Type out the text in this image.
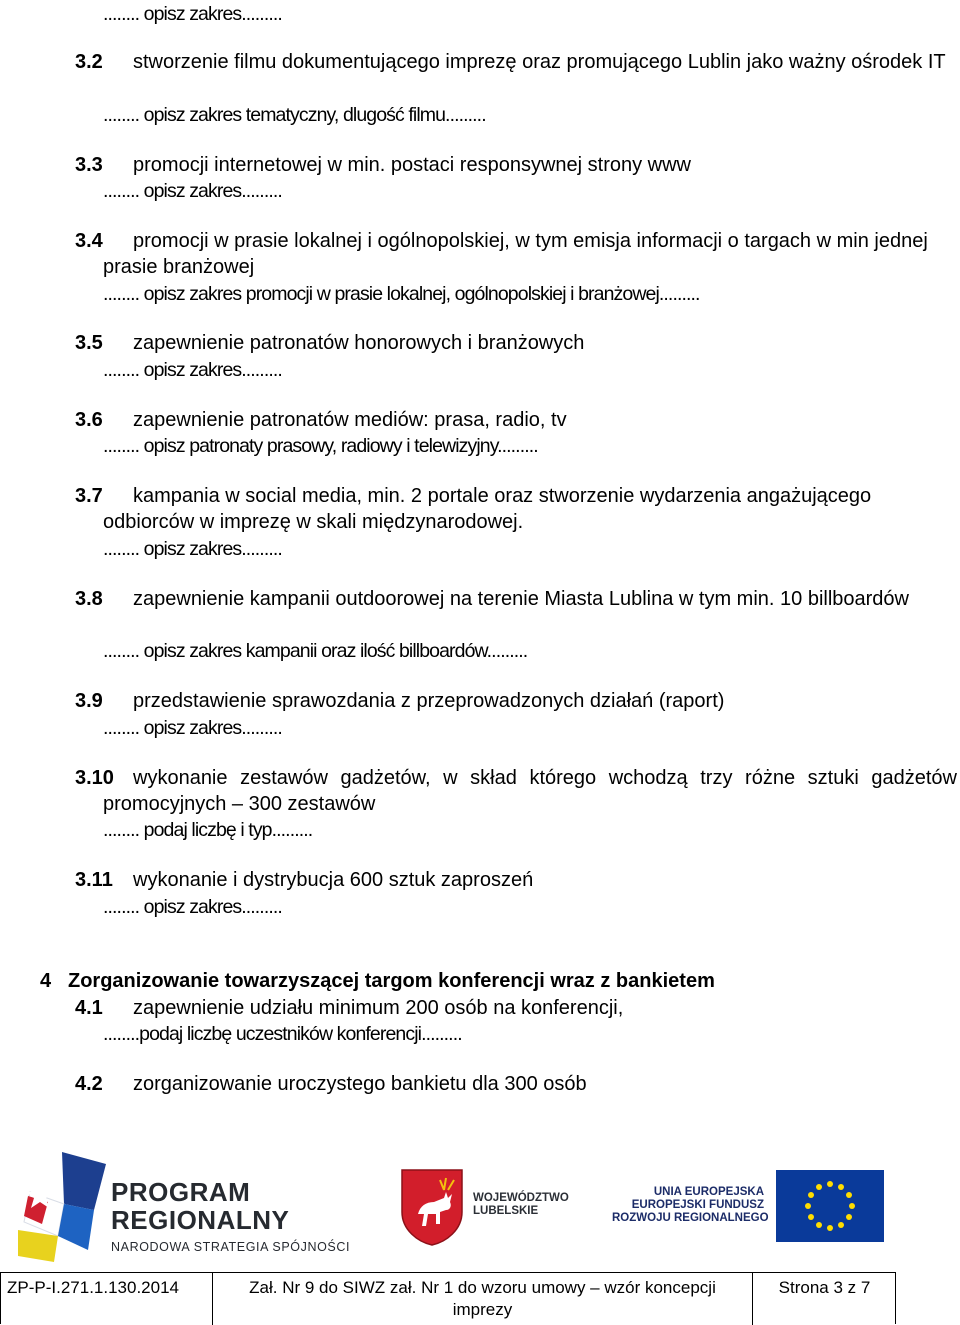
........ opisz zakres.........
3.2	stworzenie filmu dokumentującego imprezę oraz promującego Lublin jako ważny ośrodek IT
........ opisz zakres tematyczny, dlugość filmu.........
3.3	promocji internetowej w min. postaci responsywnej strony www
........ opisz zakres.........
3.4	promocji w prasie lokalnej i ogólnopolskiej, w tym emisja informacji o targach w min jednej prasie branżowej
........ opisz zakres promocji w prasie lokalnej, ogólnopolskiej i branżowej.........
3.5	zapewnienie patronatów honorowych i branżowych
........ opisz zakres.........
3.6	zapewnienie patronatów mediów: prasa, radio, tv
........ opisz patronaty prasowy, radiowy i telewizyjny.........
3.7	kampania w social media, min. 2 portale oraz stworzenie wydarzenia angażującego odbiorców w imprezę w skali międzynarodowej.
........ opisz zakres.........
3.8	zapewnienie kampanii outdoorowej na terenie Miasta Lublina w tym min. 10 billboardów
........ opisz zakres kampanii oraz ilość billboardów.........
3.9	przedstawienie sprawozdania z przeprowadzonych działań (raport)
........ opisz zakres.........
3.10 wykonanie zestawów gadżetów, w skład którego wchodzą trzy różne sztuki gadżetów promocyjnych – 300 zestawów
........ podaj liczbę i typ.........
3.11	wykonanie i dystrybucja 600 sztuk zaproszeń
........ opisz zakres.........
4 Zorganizowanie towarzyszącej targom konferencji wraz z bankietem
4.1	zapewnienie udziału minimum 200 osób na konferencji,
........podaj liczbę uczestników konferencji.........
4.2	zorganizowanie uroczystego bankietu dla 300 osób
PROGRAM
REGIONALNY
NARODOWA STRATEGIA SPÓJNOŚCI
WOJEWÓDZTWO
LUBELSKIE
UNIA EUROPEJSKA
EUROPEJSKI FUNDUSZ
ROZWOJU REGIONALNEGO
ZP-P-I.271.1.130.2014	Zał. Nr 9 do SIWZ zał. Nr 1 do wzoru umowy – wzór koncepcji imprezy
Strona 3 z 7
